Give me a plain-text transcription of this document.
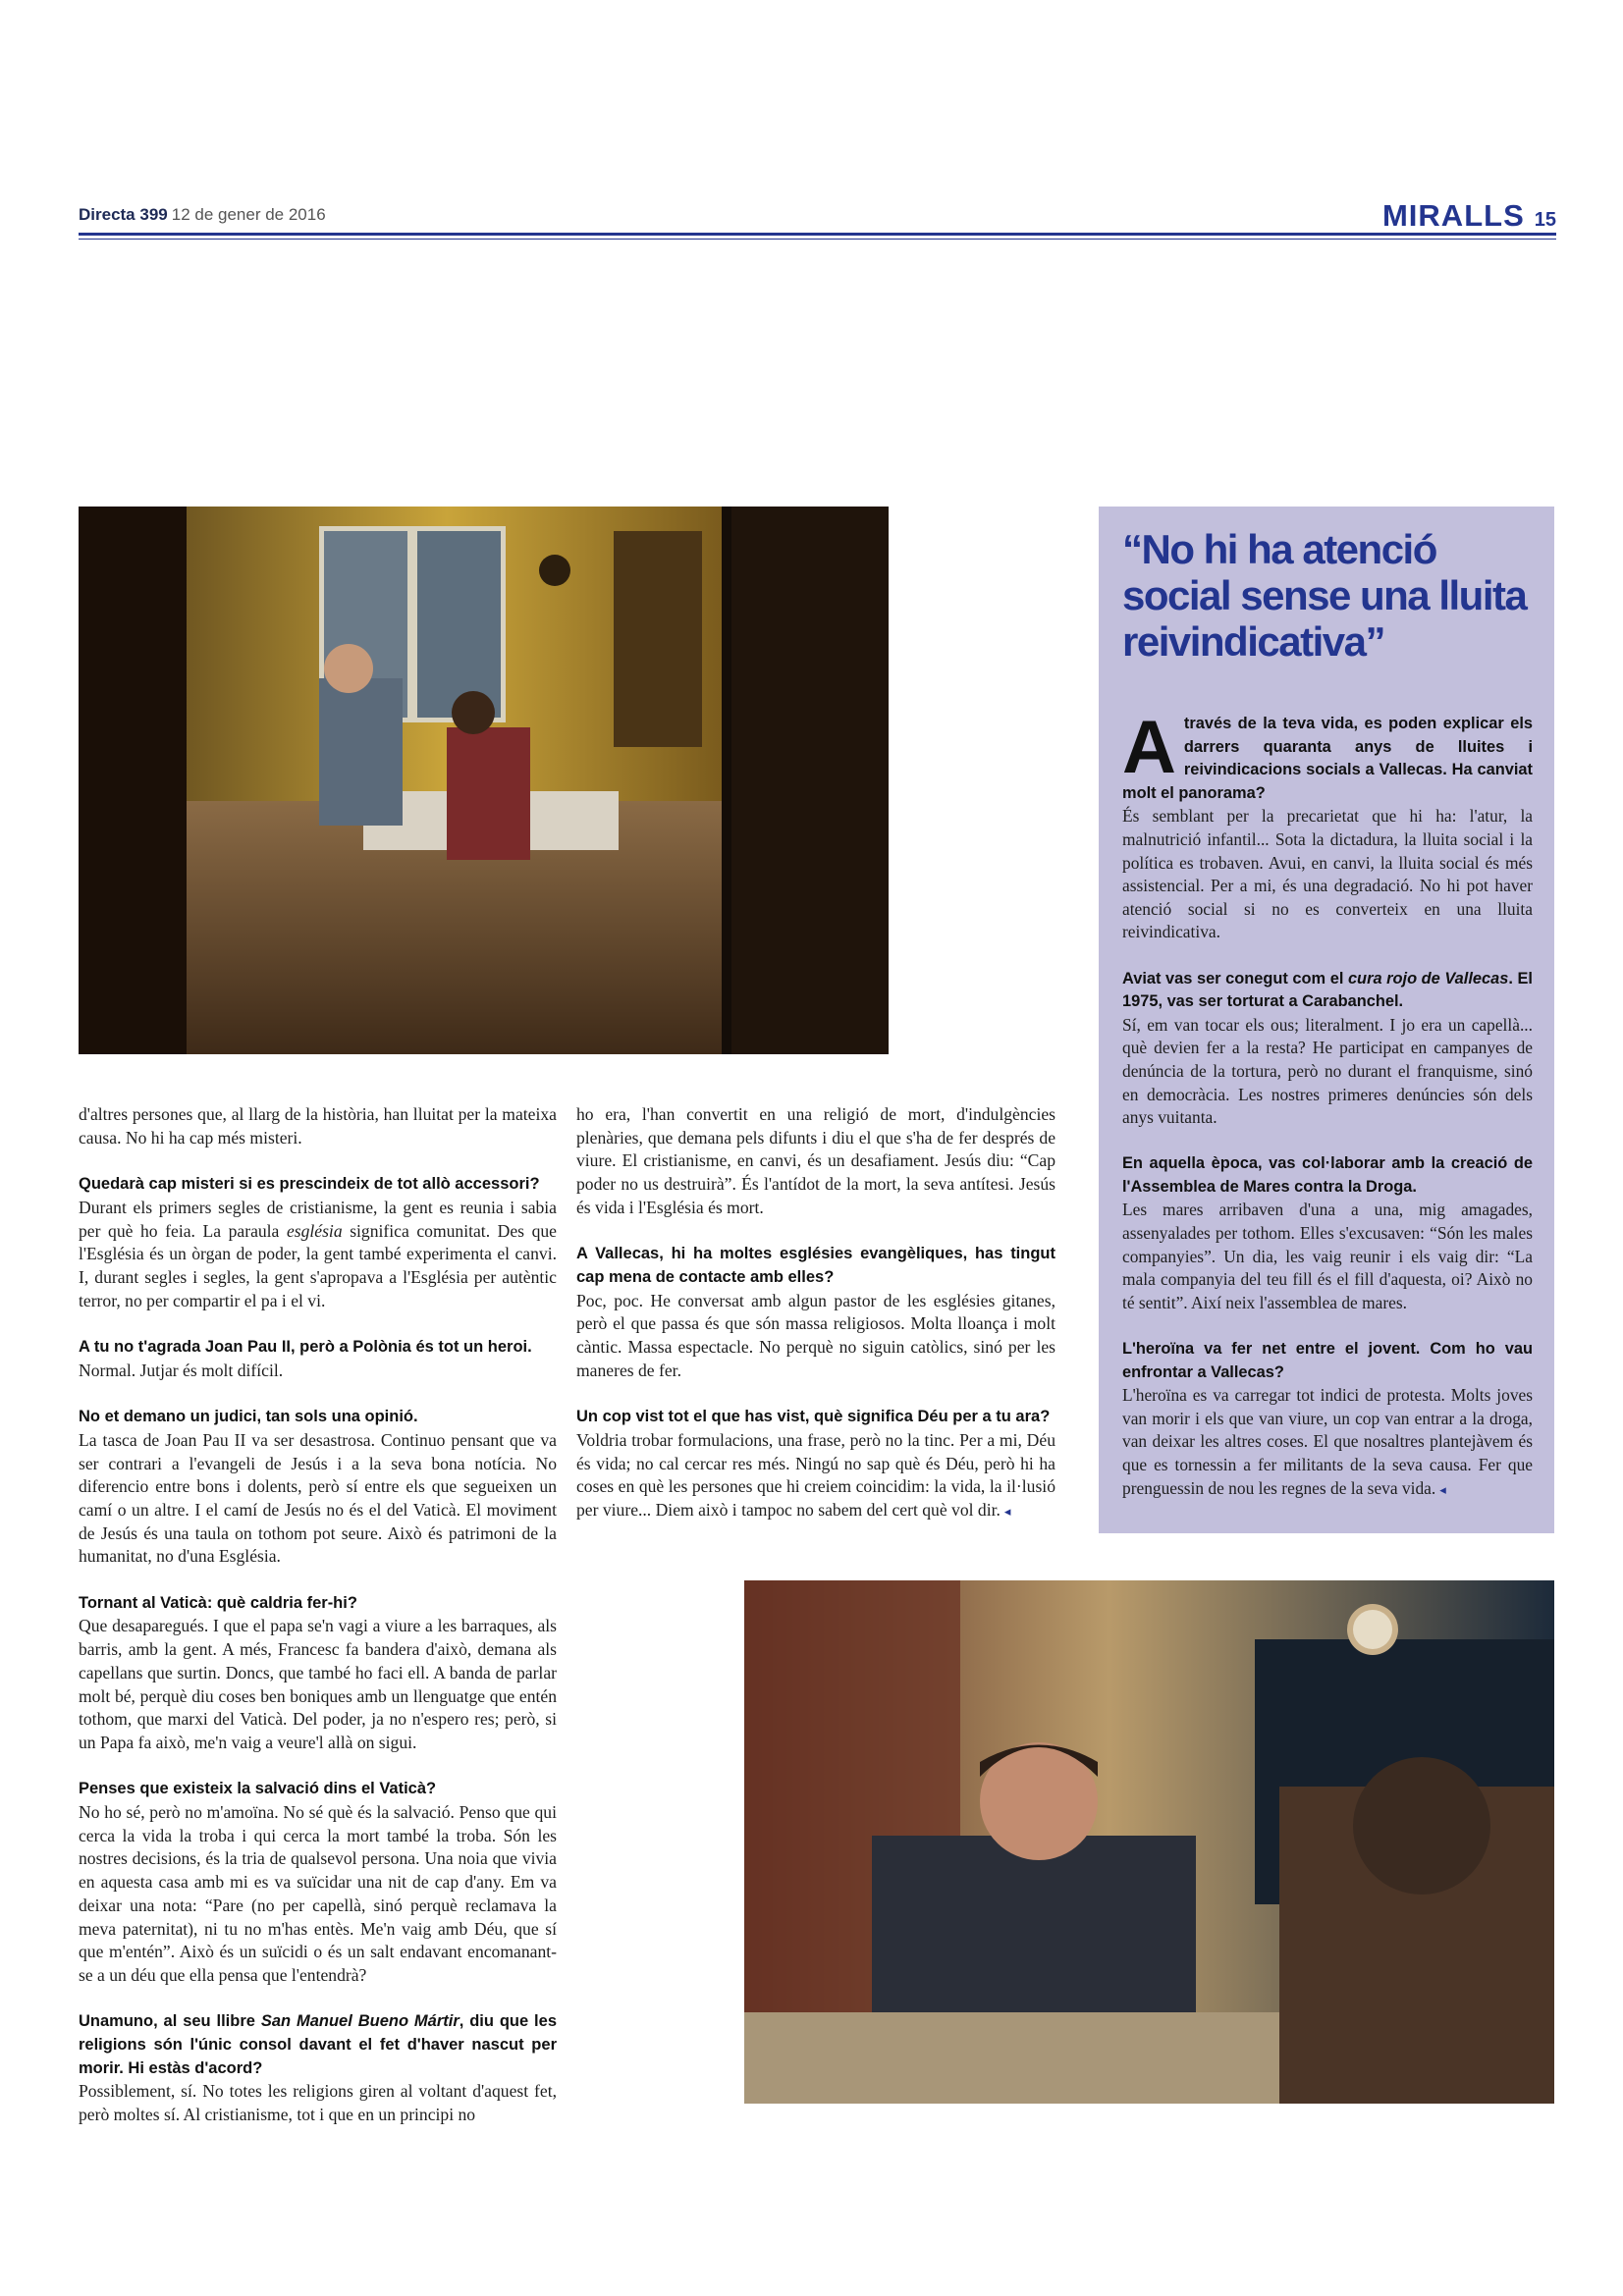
Directa 399 12 de gener de 2016	MIRALLS 15
“No hi ha atenció social sense una lluita reivindicativa”

A través de la teva vida, es poden explicar els darrers quaranta anys de lluites i reivindicacions socials a Vallecas. Ha canviat molt el panorama?
És semblant per la precarietat que hi ha: l'atur, la malnutrició infantil... Sota la dictadura, la lluita social i la política es trobaven. Avui, en canvi, la lluita social és més assistencial. Per a mi, és una degradació. No hi pot haver atenció social si no es converteix en una lluita reivindicativa.

Aviat vas ser conegut com el cura rojo de Vallecas. El 1975, vas ser torturat a Carabanchel.
Sí, em van tocar els ous; literalment. I jo era un capellà... què devien fer a la resta? He participat en campanyes de denúncia de la tortura, però no durant el franquisme, sinó en democràcia. Les nostres primeres denúncies són dels anys vuitanta.

En aquella època, vas col·laborar amb la creació de l'Assemblea de Mares contra la Droga.
Les mares arribaven d'una a una, mig amagades, assenyalades per tothom. Elles s'excusaven: “Són les males companyies”. Un dia, les vaig reunir i els vaig dir: “La mala companyia del teu fill és el fill d'aquesta, oi? Això no té sentit”. Així neix l'assemblea de mares.

L'heroïna va fer net entre el jovent. Com ho vau enfrontar a Vallecas?
L'heroïna es va carregar tot indici de protesta. Molts joves van morir i els que van viure, un cop van entrar a la droga, van deixar les altres coses. El que nosaltres plantejàvem és que es tornessin a fer militants de la seva causa. Fer que prenguessin de nou les regnes de la seva vida. ◂

d'altres persones que, al llarg de la història, han lluitat per la mateixa causa. No hi ha cap més misteri.

Quedarà cap misteri si es prescindeix de tot allò accessori?
Durant els primers segles de cristianisme, la gent es reunia i sabia per què ho feia. La paraula església significa comunitat. Des que l'Església és un òrgan de poder, la gent també experimenta el canvi. I, durant segles i segles, la gent s'apropava a l'Església per autèntic terror, no per compartir el pa i el vi.

A tu no t'agrada Joan Pau II, però a Polònia és tot un heroi.
Normal. Jutjar és molt difícil.

No et demano un judici, tan sols una opinió.
La tasca de Joan Pau II va ser desastrosa. Continuo pensant que va ser contrari a l'evangeli de Jesús i a la seva bona notícia. No diferencio entre bons i dolents, però sí entre els que segueixen un camí o un altre. I el camí de Jesús no és el del Vaticà. El moviment de Jesús és una taula on tothom pot seure. Això és patrimoni de la humanitat, no d'una Església.

Tornant al Vaticà: què caldria fer-hi?
Que desaparegués. I que el papa se'n vagi a viure a les barraques, als barris, amb la gent. A més, Francesc fa bandera d'això, demana als capellans que surtin. Doncs, que també ho faci ell. A banda de parlar molt bé, perquè diu coses ben boniques amb un llenguatge que entén tothom, que marxi del Vaticà. Del poder, ja no n'espero res; però, si un Papa fa això, me'n vaig a veure'l allà on sigui.

Penses que existeix la salvació dins el Vaticà?
No ho sé, però no m'amoïna. No sé què és la salvació. Penso que qui cerca la vida la troba i qui cerca la mort també la troba. Són les nostres decisions, és la tria de qualsevol persona. Una noia que vivia en aquesta casa amb mi es va suïcidar una nit de cap d'any. Em va deixar una nota: “Pare (no per capellà, sinó perquè reclamava la meva paternitat), ni tu no m'has entès. Me'n vaig amb Déu, que sí que m'entén”. Això és un suïcidi o és un salt endavant encomanant-se a un déu que ella pensa que l'entendrà?

Unamuno, al seu llibre San Manuel Bueno Mártir, diu que les religions són l'únic consol davant el fet d'haver nascut per morir. Hi estàs d'acord?
Possiblement, sí. No totes les religions giren al voltant d'aquest fet, però moltes sí. Al cristianisme, tot i que en un principi no

ho era, l'han convertit en una religió de mort, d'indulgències plenàries, que demana pels difunts i diu el que s'ha de fer després de viure. El cristianisme, en canvi, és un desafiament. Jesús diu: “Cap poder no us destruirà”. És l'antídot de la mort, la seva antítesi. Jesús és vida i l'Església és mort.

A Vallecas, hi ha moltes esglésies evangèliques, has tingut cap mena de contacte amb elles?
Poc, poc. He conversat amb algun pastor de les esglésies gitanes, però el que passa és que són massa religiosos. Molta lloança i molt càntic. Massa espectacle. No perquè no siguin catòlics, sinó per les maneres de fer.

Un cop vist tot el que has vist, què significa Déu per a tu ara?
Voldria trobar formulacions, una frase, però no la tinc. Per a mi, Déu és vida; no cal cercar res més. Ningú no sap què és Déu, però hi ha coses en què les persones que hi creiem coincidim: la vida, la il·lusió per viure... Diem això i tampoc no sabem del cert què vol dir. ◂
